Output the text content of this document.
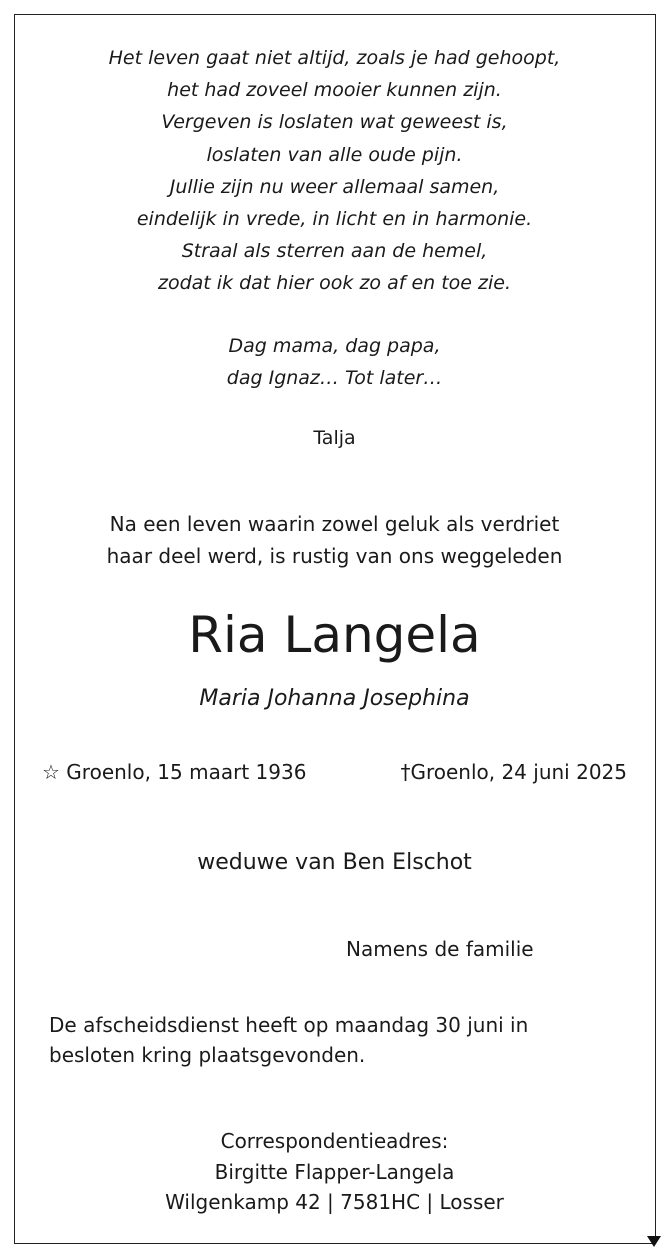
Het leven gaat niet altijd, zoals je had gehoopt,
het had zoveel mooier kunnen zijn.
Vergeven is loslaten wat geweest is,
loslaten van alle oude pijn.
Jullie zijn nu weer allemaal samen,
eindelijk in vrede, in licht en in harmonie.
Straal als sterren aan de hemel,
zodat ik dat hier ook zo af en toe zie.
Dag mama, dag papa,
dag Ignaz… Tot later…
Talja
Na een leven waarin zowel geluk als verdriet
haar deel werd, is rustig van ons weggeleden
Ria Langela
Maria Johanna Josephina
☆ Groenlo, 15 maart 1936	†Groenlo, 24 juni 2025
weduwe van Ben Elschot
Namens de familie
De afscheidsdienst heeft op maandag 30 juni in
besloten kring plaatsgevonden.
Correspondentieadres:
Birgitte Flapper-Langela
Wilgenkamp 42 | 7581HC | Losser
